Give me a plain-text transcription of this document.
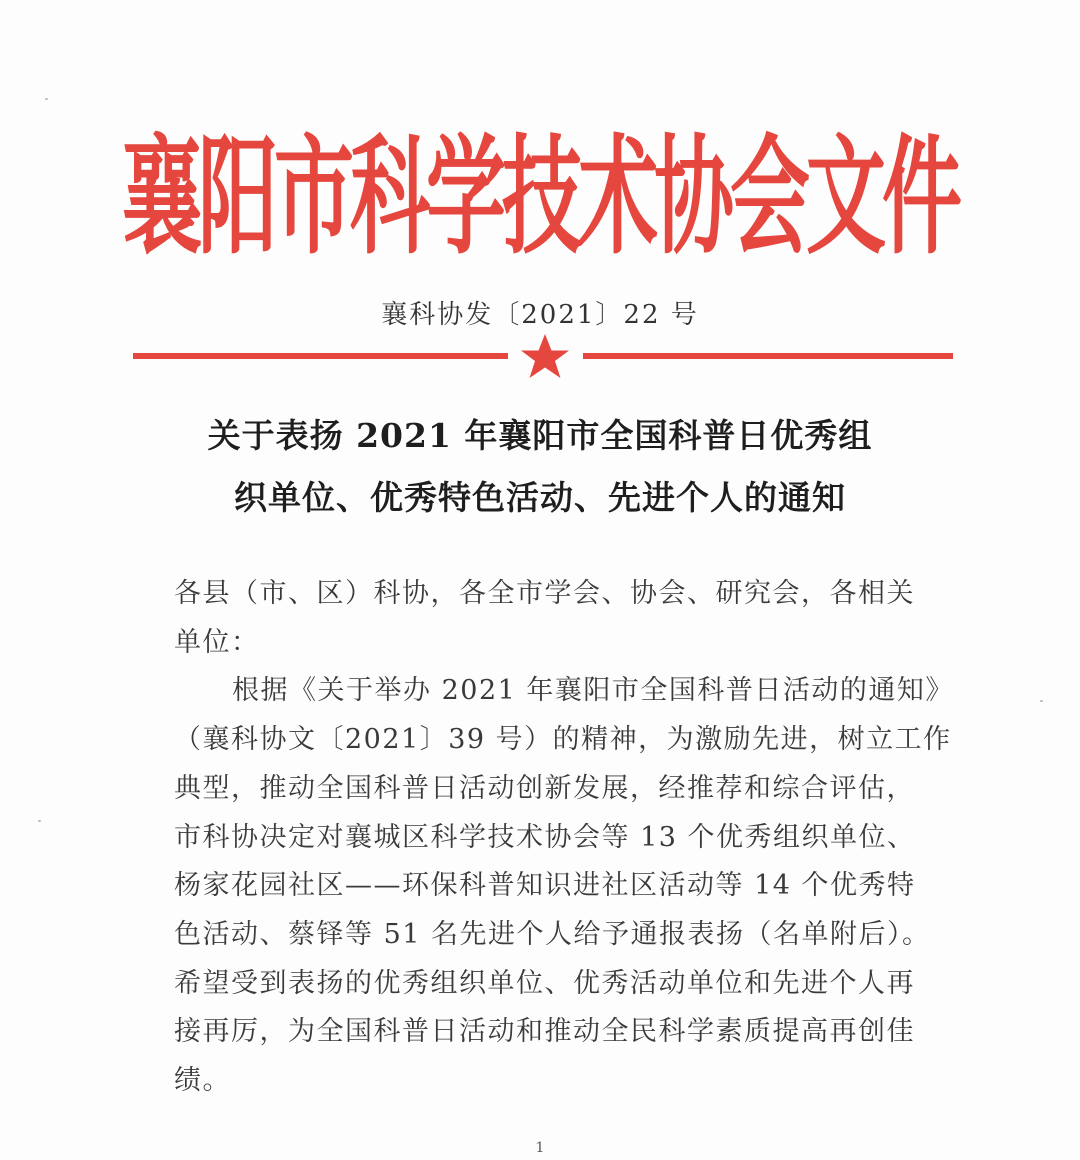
襄阳市科学技术协会文件
襄科协发〔2021〕22 号
关于表扬 2021 年襄阳市全国科普日优秀组
织单位、优秀特色活动、先进个人的通知
各县（市、区）科协，各全市学会、协会、研究会，各相关
单位：
根据《关于举办 2021 年襄阳市全国科普日活动的通知》
（襄科协文〔2021〕39 号）的精神，为激励先进，树立工作
典型，推动全国科普日活动创新发展，经推荐和综合评估，
市科协决定对襄城区科学技术协会等 13 个优秀组织单位、
杨家花园社区——环保科普知识进社区活动等 14 个优秀特
色活动、蔡铎等 51 名先进个人给予通报表扬（名单附后）。
希望受到表扬的优秀组织单位、优秀活动单位和先进个人再
接再厉，为全国科普日活动和推动全民科学素质提高再创佳
绩。
1
